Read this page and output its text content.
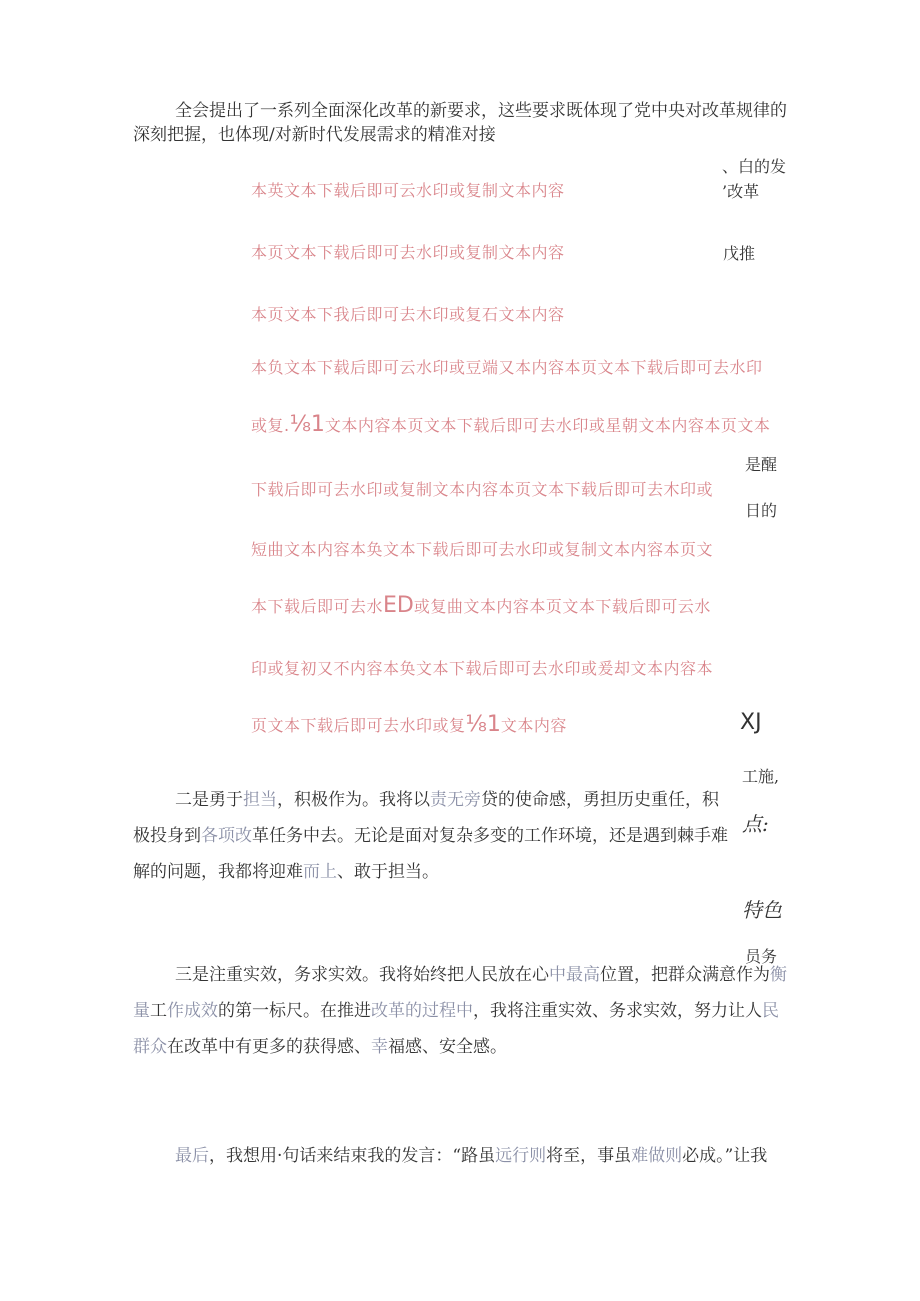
全会提出了一系列全面深化改革的新要求，这些要求既体现了党中央对改革规律的
深刻把握，也体现/对新时代发展需求的精准对接
本英文本下载后即可云水印或复制文本内容
本页文本下载后即可去水印或复制文本内容
本页文本下我后即可去木印或复石文本内容
本负文本下载后即可云水印或豆端又本内容本页文本下载后即可去水印
或复.⅛1文本内容本页文本下载后即可去水印或星朝文本内容本页文本
下载后即可去水印或复制文本内容本页文本下载后即可去木印或
短曲文本内容本奂文本下载后即可去水印或复制文本内容本页文
本下载后即可去水ED或复曲文本内容本页文本下载后即可云水
印或复初又不内容本奂文本下载后即可去水印或爰却文本内容本
页文本下载后即可去水印或复⅛1文本内容
、白的发
’改革
戊推
是醒
日的
XJ
工施,
点:
特色
员务
二是勇于担当，积极作为。我将以责无旁贷的使命感，勇担历史重任，积极投身到各项改革任务中去。无论是面对复杂多变的工作环境，还是遇到棘手难解的问题，我都将迎难而上、敢于担当。
三是注重实效，务求实效。我将始终把人民放在心中最高位置，把群众满意作为衡量工作成效的第一标尺。在推进改革的过程中，我将注重实效、务求实效，努力让人民群众在改革中有更多的获得感、幸福感、安全感。
最后，我想用·句话来结束我的发言：“路虽远行则将至，事虽难做则必成。”让我
